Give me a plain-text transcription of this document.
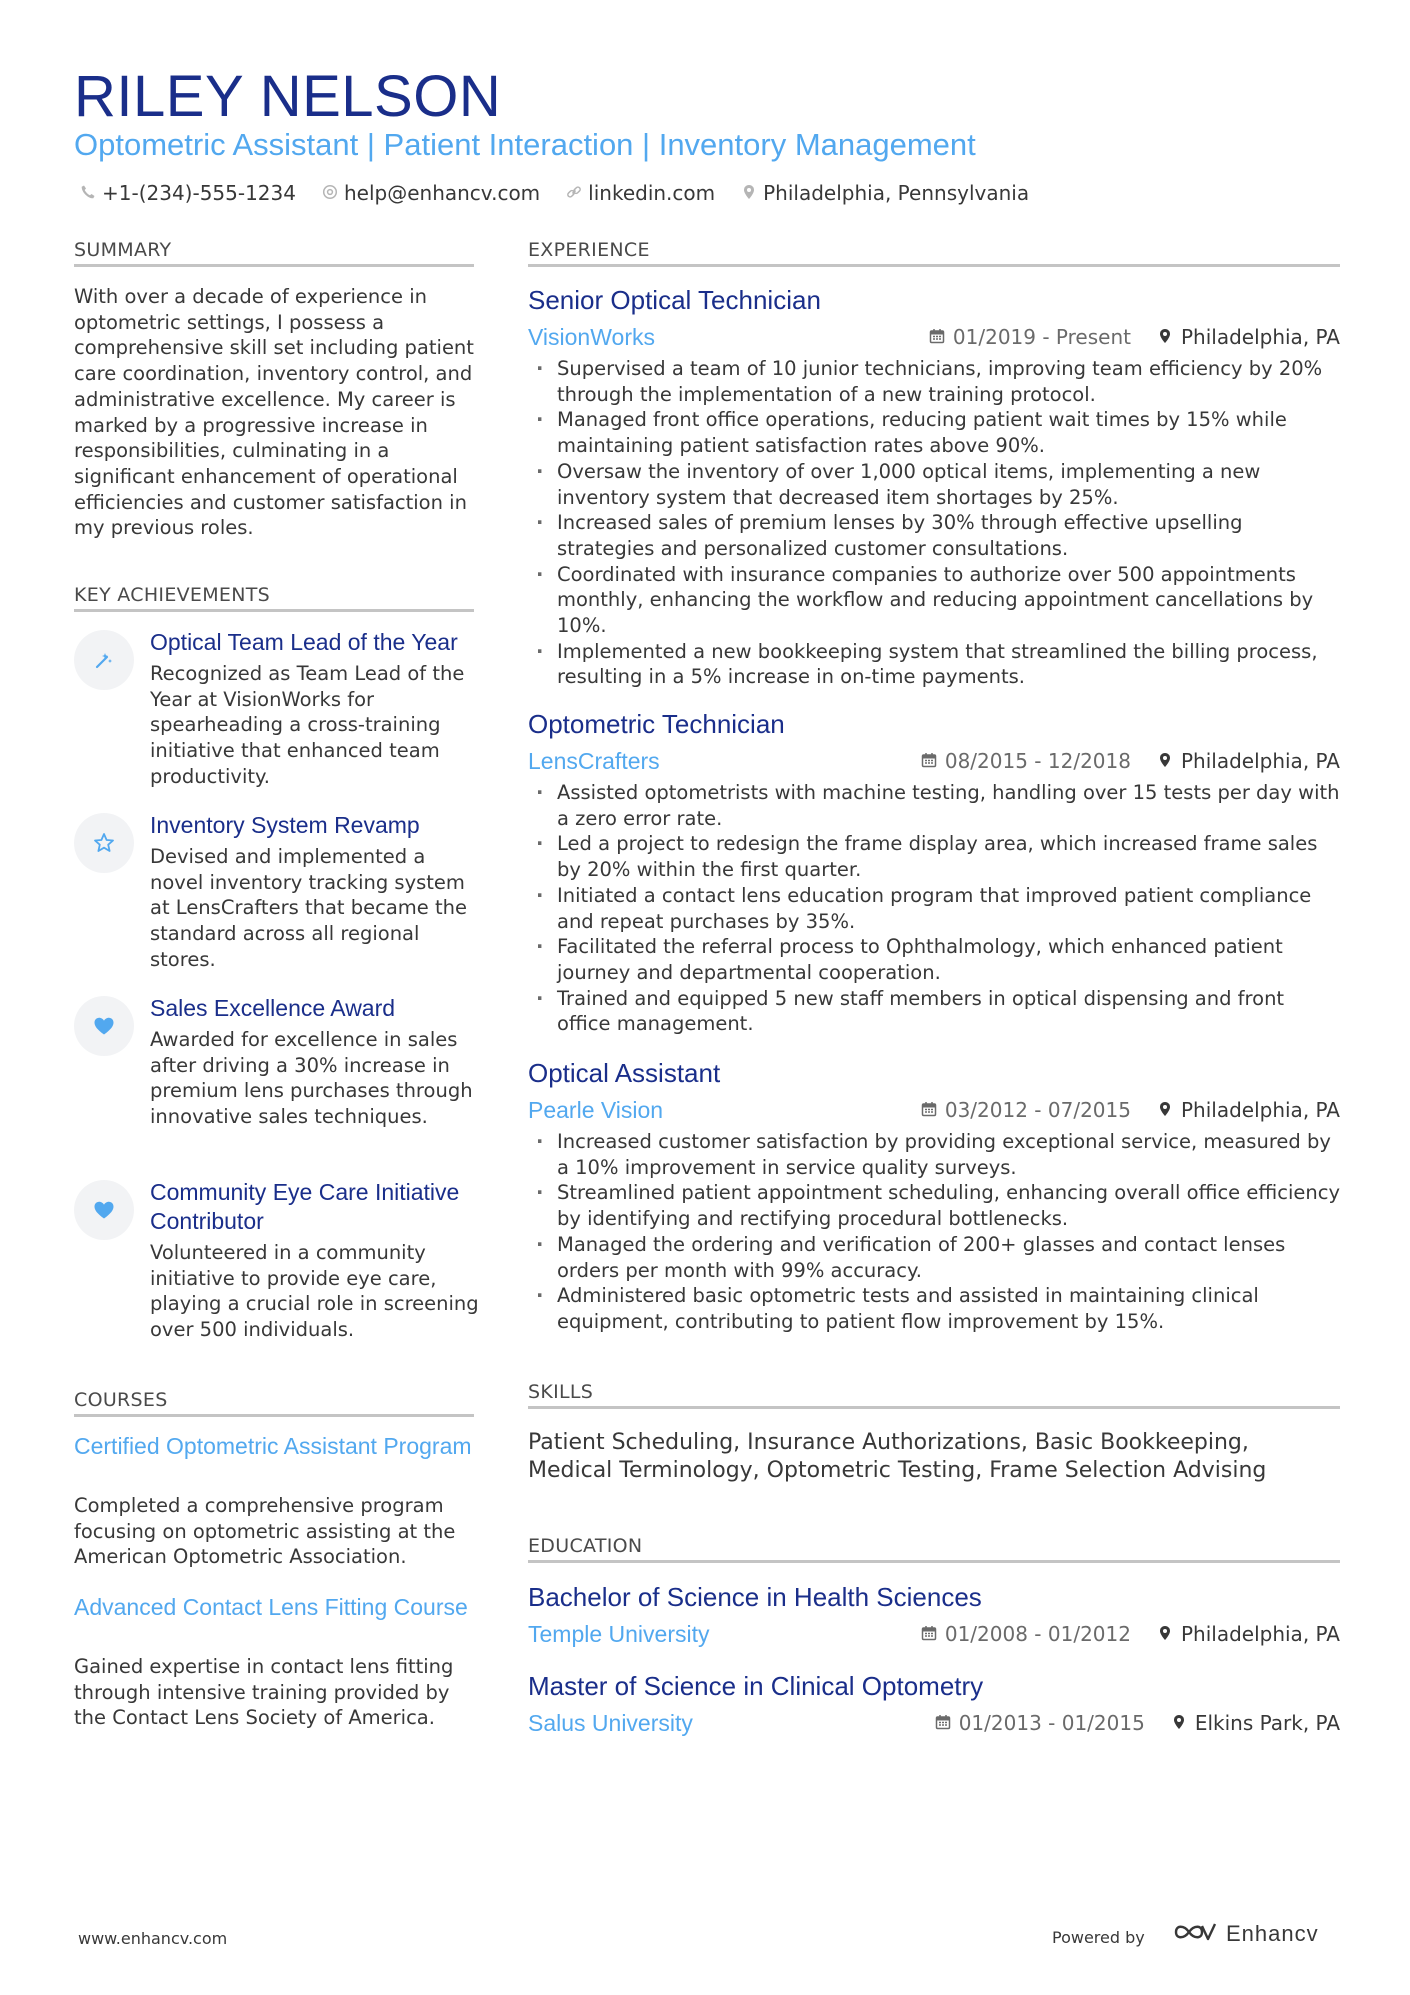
RILEY NELSON
Optometric Assistant | Patient Interaction | Inventory Management
+1-(234)-555-1234 help@enhancv.com linkedin.com Philadelphia, Pennsylvania
SUMMARY
With over a decade of experience in optometric settings, I possess a comprehensive skill set including patient care coordination, inventory control, and administrative excellence. My career is marked by a progressive increase in responsibilities, culminating in a significant enhancement of operational efficiencies and customer satisfaction in my previous roles.
KEY ACHIEVEMENTS
Optical Team Lead of the Year
Recognized as Team Lead of the Year at VisionWorks for spearheading a cross-training initiative that enhanced team productivity.
Inventory System Revamp
Devised and implemented a novel inventory tracking system at LensCrafters that became the standard across all regional stores.
Sales Excellence Award
Awarded for excellence in sales after driving a 30% increase in premium lens purchases through innovative sales techniques.
Community Eye Care Initiative Contributor
Volunteered in a community initiative to provide eye care, playing a crucial role in screening over 500 individuals.
COURSES
Certified Optometric Assistant Program
Completed a comprehensive program focusing on optometric assisting at the American Optometric Association.
Advanced Contact Lens Fitting Course
Gained expertise in contact lens fitting through intensive training provided by the Contact Lens Society of America.
EXPERIENCE
Senior Optical Technician
VisionWorks	01/2019 - Present	Philadelphia, PA
· Supervised a team of 10 junior technicians, improving team efficiency by 20% through the implementation of a new training protocol.
· Managed front office operations, reducing patient wait times by 15% while maintaining patient satisfaction rates above 90%.
· Oversaw the inventory of over 1,000 optical items, implementing a new inventory system that decreased item shortages by 25%.
· Increased sales of premium lenses by 30% through effective upselling strategies and personalized customer consultations.
· Coordinated with insurance companies to authorize over 500 appointments monthly, enhancing the workflow and reducing appointment cancellations by 10%.
· Implemented a new bookkeeping system that streamlined the billing process, resulting in a 5% increase in on-time payments.
Optometric Technician
LensCrafters	08/2015 - 12/2018	Philadelphia, PA
· Assisted optometrists with machine testing, handling over 15 tests per day with a zero error rate.
· Led a project to redesign the frame display area, which increased frame sales by 20% within the first quarter.
· Initiated a contact lens education program that improved patient compliance and repeat purchases by 35%.
· Facilitated the referral process to Ophthalmology, which enhanced patient journey and departmental cooperation.
· Trained and equipped 5 new staff members in optical dispensing and front office management.
Optical Assistant
Pearle Vision	03/2012 - 07/2015	Philadelphia, PA
· Increased customer satisfaction by providing exceptional service, measured by a 10% improvement in service quality surveys.
· Streamlined patient appointment scheduling, enhancing overall office efficiency by identifying and rectifying procedural bottlenecks.
· Managed the ordering and verification of 200+ glasses and contact lenses orders per month with 99% accuracy.
· Administered basic optometric tests and assisted in maintaining clinical equipment, contributing to patient flow improvement by 15%.
SKILLS
Patient Scheduling, Insurance Authorizations, Basic Bookkeeping, Medical Terminology, Optometric Testing, Frame Selection Advising
EDUCATION
Bachelor of Science in Health Sciences
Temple University	01/2008 - 01/2012	Philadelphia, PA
Master of Science in Clinical Optometry
Salus University	01/2013 - 01/2015	Elkins Park, PA
www.enhancv.com	Powered by	Enhancv
